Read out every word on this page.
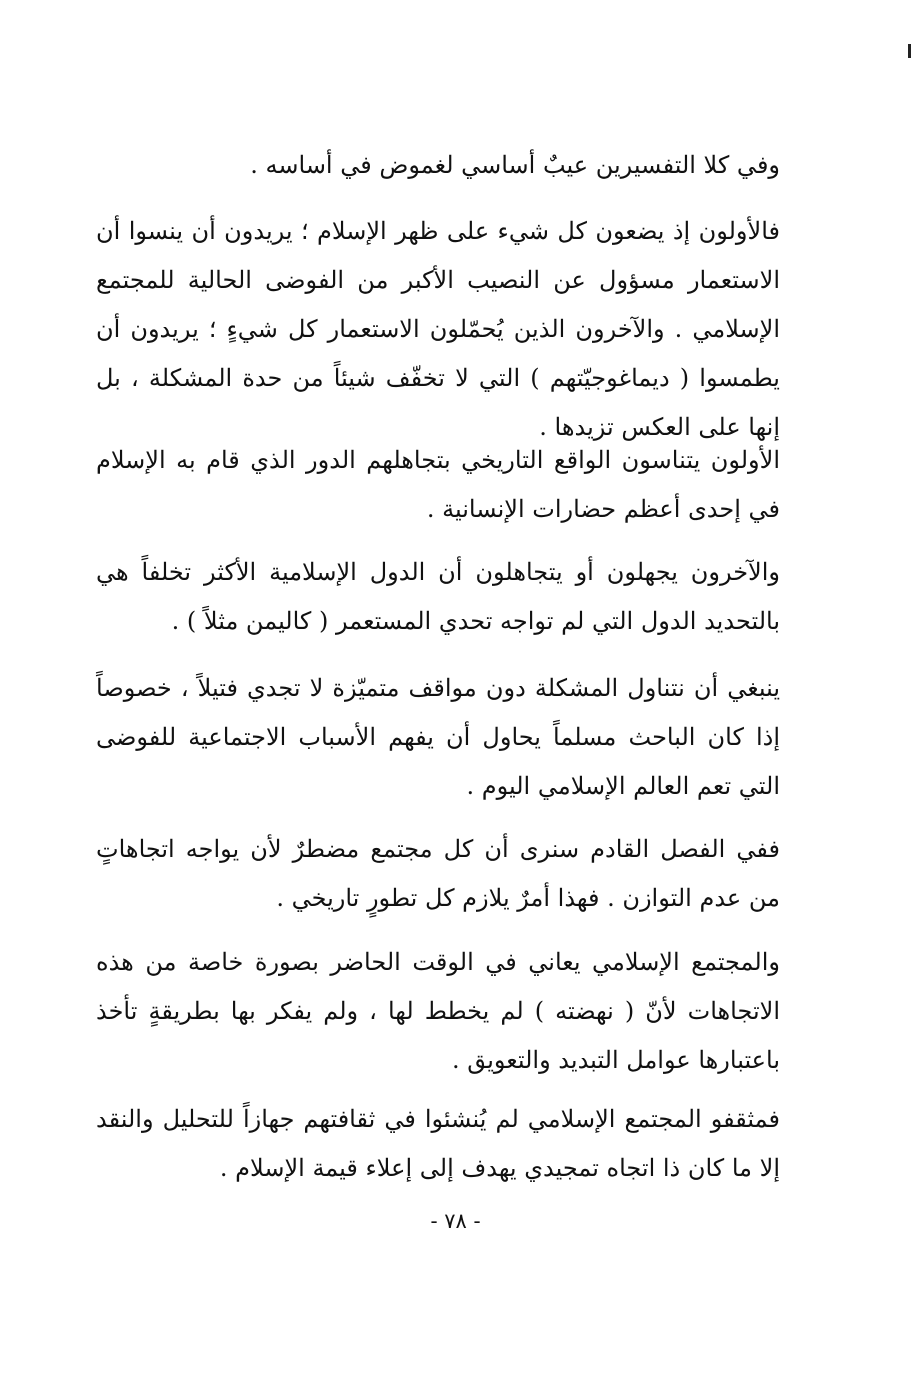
وفي كلا التفسيرين عيبٌ أساسي لغموض في أساسه .

فالأولون إذ يضعون كل شيء على ظهر الإسلام ؛ يريدون أن ينسوا أن الاستعمار مسؤول عن النصيب الأكبر من الفوضى الحالية للمجتمع الإسلامي . والآخرون الذين يُحمّلون الاستعمار كل شيءٍ ؛ يريدون أن يطمسوا ( ديماغوجيّتهم ) التي لا تخفّف شيئاً من حدة المشكلة ، بل إنها على العكس تزيدها .

الأولون يتناسون الواقع التاريخي بتجاهلهم الدور الذي قام به الإسلام في إحدى أعظم حضارات الإنسانية .

والآخرون يجهلون أو يتجاهلون أن الدول الإسلامية الأكثر تخلفاً هي بالتحديد الدول التي لم تواجه تحدي المستعمر ( كاليمن مثلاً ) .

ينبغي أن نتناول المشكلة دون مواقف متميّزة لا تجدي فتيلاً ، خصوصاً إذا كان الباحث مسلماً يحاول أن يفهم الأسباب الاجتماعية للفوضى التي تعم العالم الإسلامي اليوم .

ففي الفصل القادم سنرى أن كل مجتمع مضطرٌ لأن يواجه اتجاهاتٍ من عدم التوازن . فهذا أمرٌ يلازم كل تطورٍ تاريخي .

والمجتمع الإسلامي يعاني في الوقت الحاضر بصورة خاصة من هذه الاتجاهات لأنّ ( نهضته ) لم يخطط لها ، ولم يفكر بها بطريقةٍ تأخذ باعتبارها عوامل التبديد والتعويق .

فمثقفو المجتمع الإسلامي لم يُنشئوا في ثقافتهم جهازاً للتحليل والنقد إلا ما كان ذا اتجاه تمجيدي يهدف إلى إعلاء قيمة الإسلام .

- ٧٨ -
